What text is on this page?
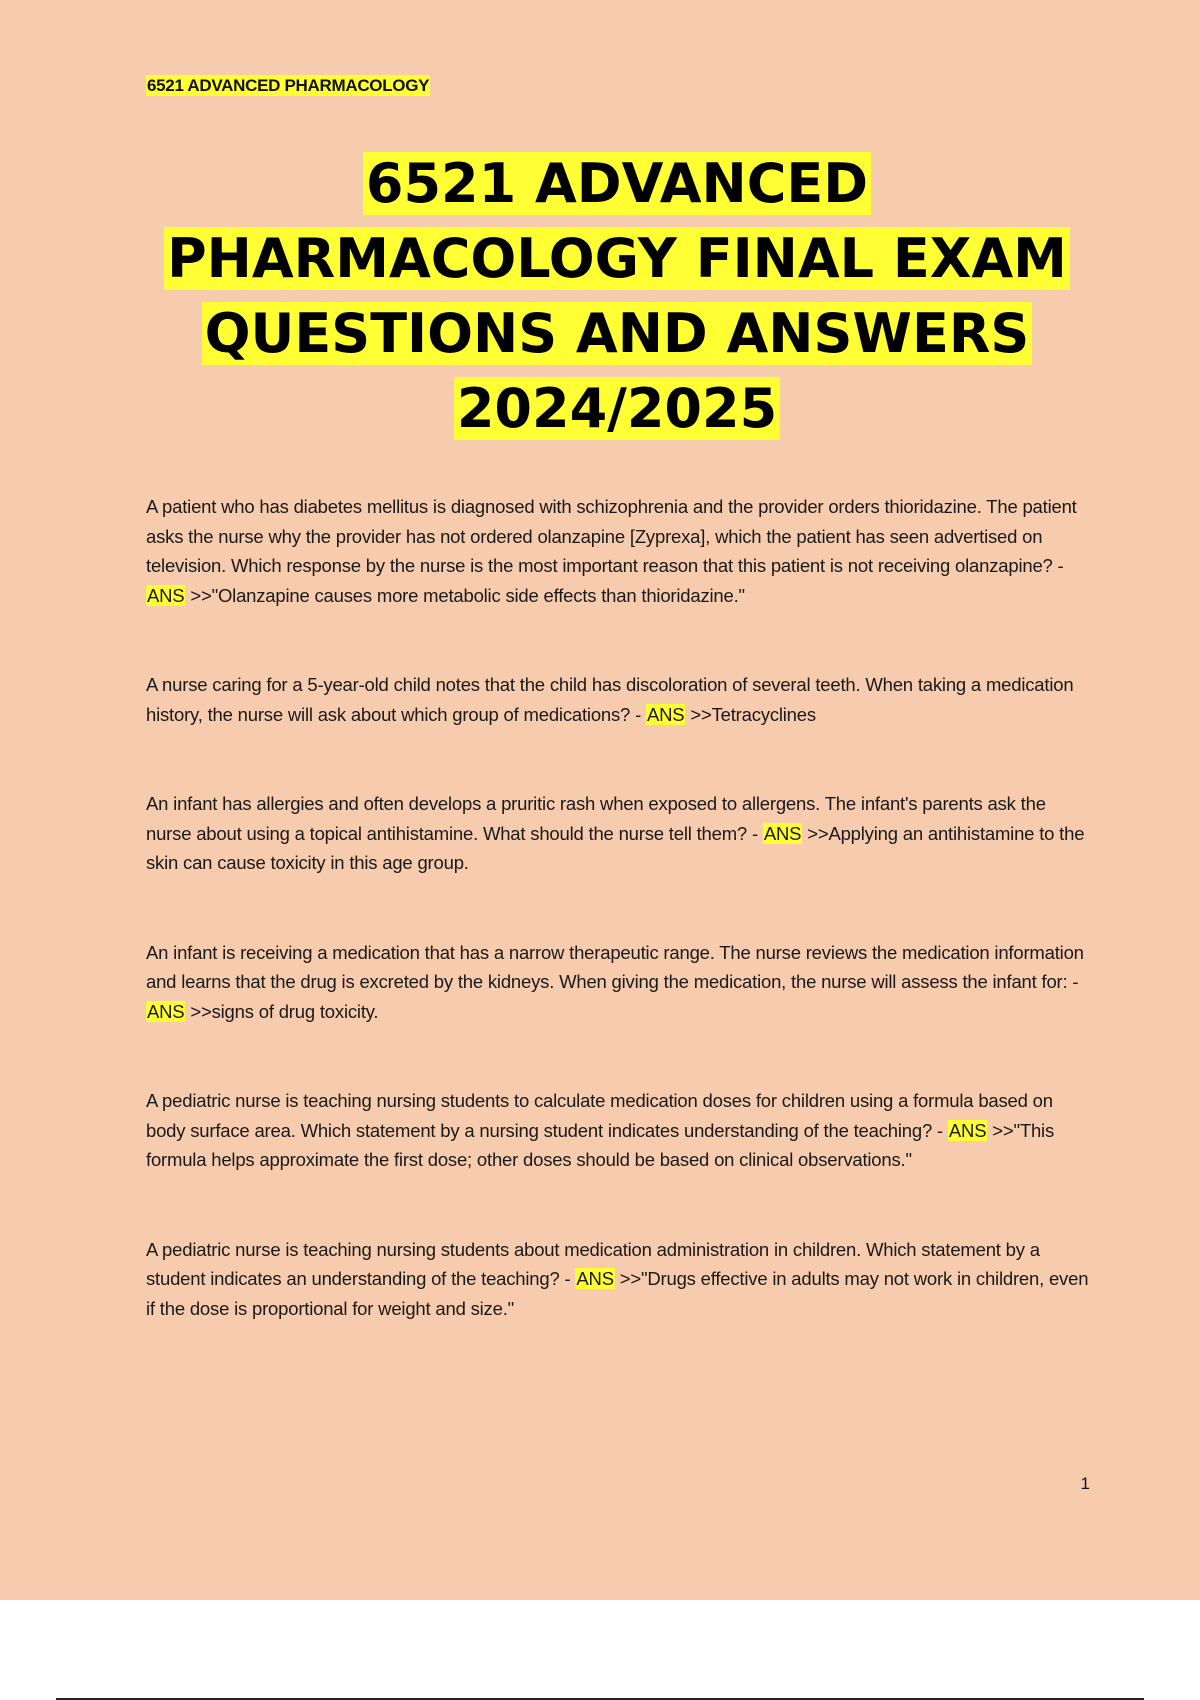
6521 ADVANCED PHARMACOLOGY
6521 ADVANCED
PHARMACOLOGY FINAL EXAM
QUESTIONS AND ANSWERS
2024/2025

A patient who has diabetes mellitus is diagnosed with schizophrenia and the provider orders thioridazine. The patient asks the nurse why the provider has not ordered olanzapine [Zyprexa], which the patient has seen advertised on television. Which response by the nurse is the most important reason that this patient is not receiving olanzapine? - ANS >>"Olanzapine causes more metabolic side effects than thioridazine."

A nurse caring for a 5-year-old child notes that the child has discoloration of several teeth. When taking a medication history, the nurse will ask about which group of medications? - ANS >>Tetracyclines

An infant has allergies and often develops a pruritic rash when exposed to allergens. The infant's parents ask the nurse about using a topical antihistamine. What should the nurse tell them? - ANS >>Applying an antihistamine to the skin can cause toxicity in this age group.

An infant is receiving a medication that has a narrow therapeutic range. The nurse reviews the medication information and learns that the drug is excreted by the kidneys. When giving the medication, the nurse will assess the infant for: - ANS >>signs of drug toxicity.

A pediatric nurse is teaching nursing students to calculate medication doses for children using a formula based on body surface area. Which statement by a nursing student indicates understanding of the teaching? - ANS >>"This formula helps approximate the first dose; other doses should be based on clinical observations."

A pediatric nurse is teaching nursing students about medication administration in children. Which statement by a student indicates an understanding of the teaching? - ANS >>"Drugs effective in adults may not work in children, even if the dose is proportional for weight and size."

1
